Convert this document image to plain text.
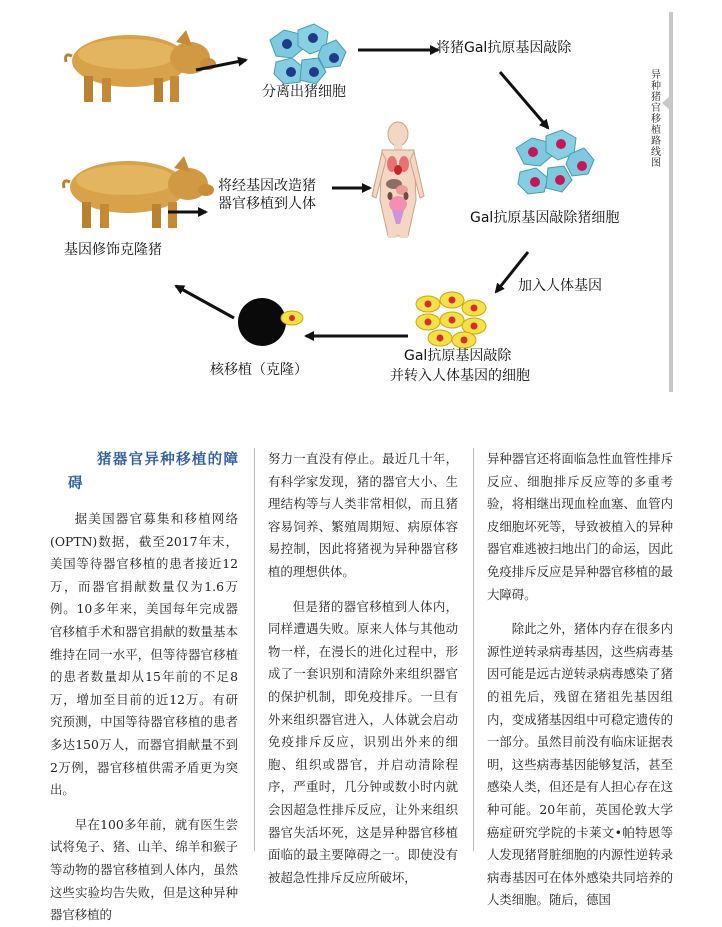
分离出猪细胞
将猪Gal抗原基因敲除
Gal抗原基因敲除猪细胞
加入人体基因
Gal抗原基因敲除
并转入人体基因的细胞
核移植（克隆）
基因修饰克隆猪
将经基因改造猪
器官移植到人体
异种猪官移植路线图

猪器官异种移植的障碍

据美国器官募集和移植网络(OPTN)数据，截至2017年末，美国等待器官移植的患者接近12万，而器官捐献数量仅为1.6万例。10多年来，美国每年完成器官移植手术和器官捐献的数量基本维持在同一水平，但等待器官移植的患者数量却从15年前的不足8万，增加至目前的近12万。有研究预测，中国等待器官移植的患者多达150万人，而器官捐献量不到2万例，器官移植供需矛盾更为突出。

早在100多年前，就有医生尝试将兔子、猪、山羊、绵羊和猴子等动物的器官移植到人体内，虽然这些实验均告失败，但是这种异种器官移植的

努力一直没有停止。最近几十年，有科学家发现，猪的器官大小、生理结构等与人类非常相似，而且猪容易饲养、繁殖周期短、病原体容易控制，因此将猪视为异种器官移植的理想供体。

但是猪的器官移植到人体内，同样遭遇失败。原来人体与其他动物一样，在漫长的进化过程中，形成了一套识别和清除外来组织器官的保护机制，即免疫排斥。一旦有外来组织器官进入，人体就会启动免疫排斥反应，识别出外来的细胞、组织或器官，并启动清除程序，严重时，几分钟或数小时内就会因超急性排斥反应，让外来组织器官失活坏死，这是异种器官移植面临的最主要障碍之一。即使没有被超急性排斥反应所破坏，

异种器官还将面临急性血管性排斥反应、细胞排斥反应等的多重考验，将相继出现血栓血塞、血管内皮细胞坏死等，导致被植入的异种器官难逃被扫地出门的命运，因此免疫排斥反应是异种器官移植的最大障碍。

除此之外，猪体内存在很多内源性逆转录病毒基因，这些病毒基因可能是远古逆转录病毒感染了猪的祖先后，残留在猪祖先基因组内，变成猪基因组中可稳定遗传的一部分。虽然目前没有临床证据表明，这些病毒基因能够复活，甚至感染人类，但还是有人担心存在这种可能。20年前，英国伦敦大学癌症研究学院的卡莱文•帕特恩等人发现猪肾脏细胞的内源性逆转录病毒基因可在体外感染共同培养的人类细胞。随后，德国
